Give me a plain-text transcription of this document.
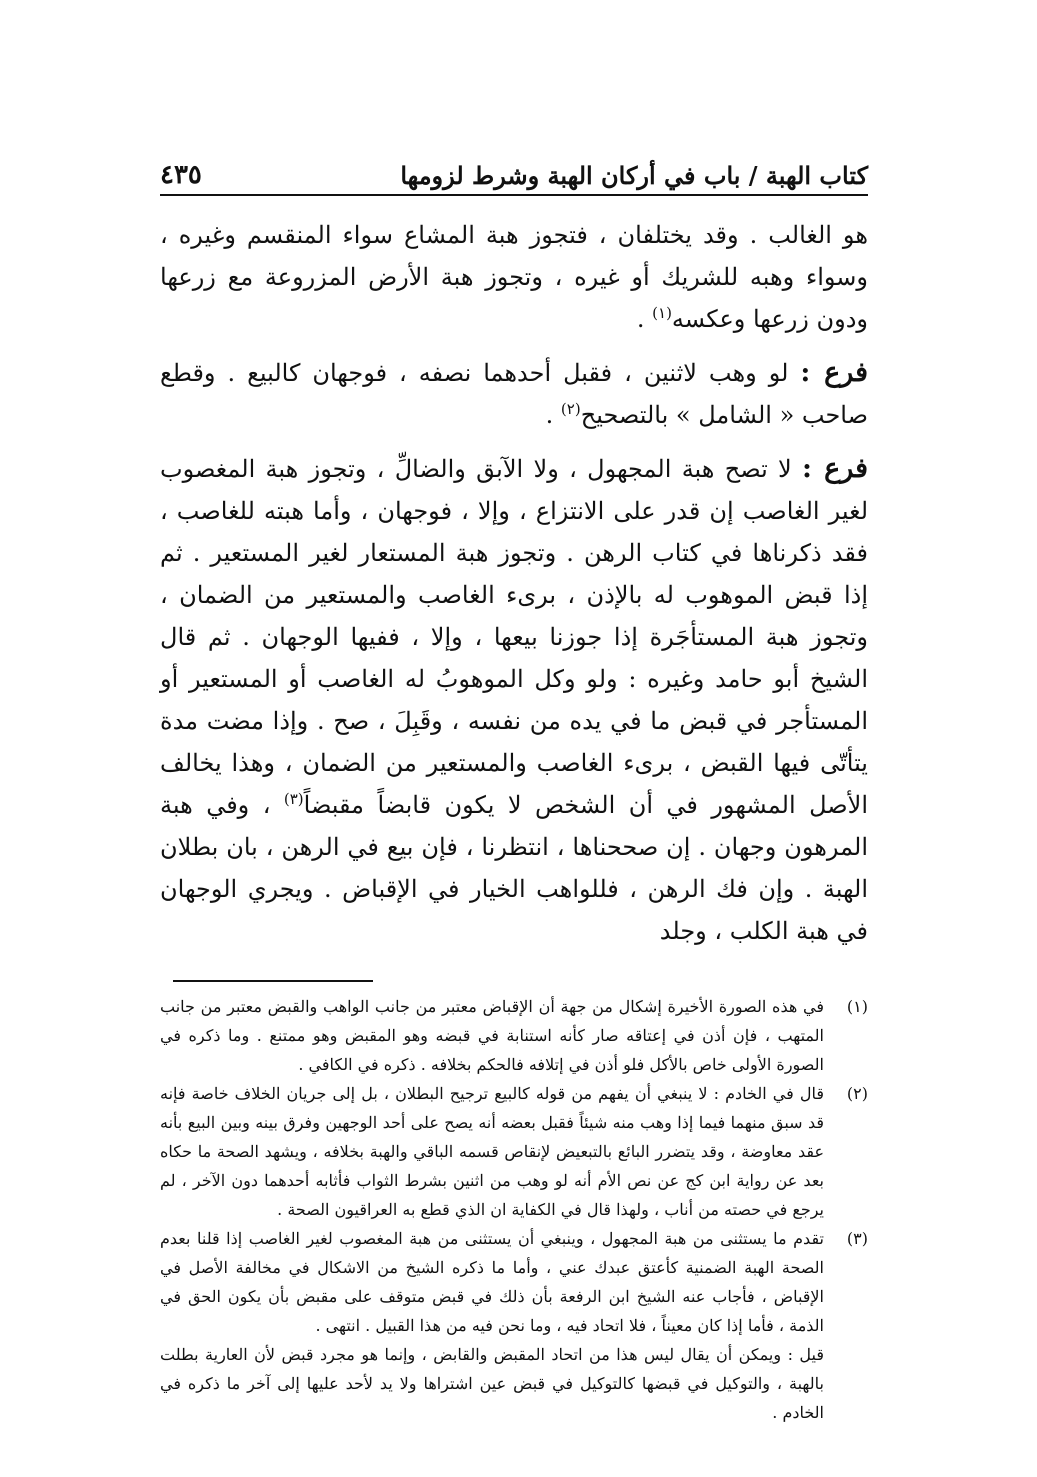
كتاب الهبة / باب في أركان الهبة وشرط لزومها
٤٣٥

هو الغالب . وقد يختلفان ، فتجوز هبة المشاع سواء المنقسم وغيره ، وسواء وهبه للشريك أو غيره ، وتجوز هبة الأرض المزروعة مع زرعها ودون زرعها وعكسه$^{(١)}$ .

فرع : لو وهب لاثنين ، فقبل أحدهما نصفه ، فوجهان كالبيع . وقطع صاحب « الشامل » بالتصحيح$^{(٢)}$ .

فرع : لا تصح هبة المجهول ، ولا الآبق والضالِّ ، وتجوز هبة المغصوب لغير الغاصب إن قدر على الانتزاع ، وإلا ، فوجهان ، وأما هبته للغاصب ، فقد ذكرناها في كتاب الرهن . وتجوز هبة المستعار لغير المستعير . ثم إذا قبض الموهوب له بالإذن ، برىء الغاصب والمستعير من الضمان ، وتجوز هبة المستأجَرة إذا جوزنا بيعها ، وإلا ، ففيها الوجهان . ثم قال الشيخ أبو حامد وغيره : ولو وكل الموهوبُ له الغاصب أو المستعير أو المستأجر في قبض ما في يده من نفسه ، وقَبِلَ ، صح . وإذا مضت مدة يتأتّى فيها القبض ، برىء الغاصب والمستعير من الضمان ، وهذا يخالف الأصل المشهور في أن الشخص لا يكون قابضاً مقبضاً$^{(٣)}$ ، وفي هبة المرهون وجهان . إن صححناها ، انتظرنا ، فإن بيع في الرهن ، بان بطلان الهبة . وإن فك الرهن ، فللواهب الخيار في الإقباض . ويجري الوجهان في هبة الكلب ، وجلد

(١)
في هذه الصورة الأخيرة إشكال من جهة أن الإقباض معتبر من جانب الواهب والقبض معتبر من جانب المتهب ، فإن أذن في إعتاقه صار كأنه استنابة في قبضه وهو المقبض وهو ممتنع . وما ذكره في الصورة الأولى خاص بالأكل فلو أذن في إتلافه فالحكم بخلافه . ذكره في الكافي .
(٢)
قال في الخادم : لا ينبغي أن يفهم من قوله كالبيع ترجيح البطلان ، بل إلى جريان الخلاف خاصة فإنه قد سبق منهما فيما إذا وهب منه شيئاً فقبل بعضه أنه يصح على أحد الوجهين وفرق بينه وبين البيع بأنه عقد معاوضة ، وقد يتضرر البائع بالتبعيض لإنقاص قسمه الباقي والهبة بخلافه ، ويشهد الصحة ما حكاه بعد عن رواية ابن كج عن نص الأم أنه لو وهب من اثنين بشرط الثواب فأثابه أحدهما دون الآخر ، لم يرجع في حصته من أناب ، ولهذا قال في الكفاية ان الذي قطع به العراقيون الصحة .
(٣)
تقدم ما يستثنى من هبة المجهول ، وينبغي أن يستثنى من هبة المغصوب لغير الغاصب إذا قلنا بعدم الصحة الهبة الضمنية كأعتق عبدك عني ، وأما ما ذكره الشيخ من الاشكال في مخالفة الأصل في الإقباض ، فأجاب عنه الشيخ ابن الرفعة بأن ذلك في قبض متوقف على مقبض بأن يكون الحق في الذمة ، فأما إذا كان معيناً ، فلا اتحاد فيه ، وما نحن فيه من هذا القبيل . انتهى .

قيل : ويمكن أن يقال ليس هذا من اتحاد المقبض والقابض ، وإنما هو مجرد قبض لأن العارية بطلت بالهبة ، والتوكيل في قبضها كالتوكيل في قبض عين اشتراها ولا يد لأحد عليها إلى آخر ما ذكره في الخادم .
